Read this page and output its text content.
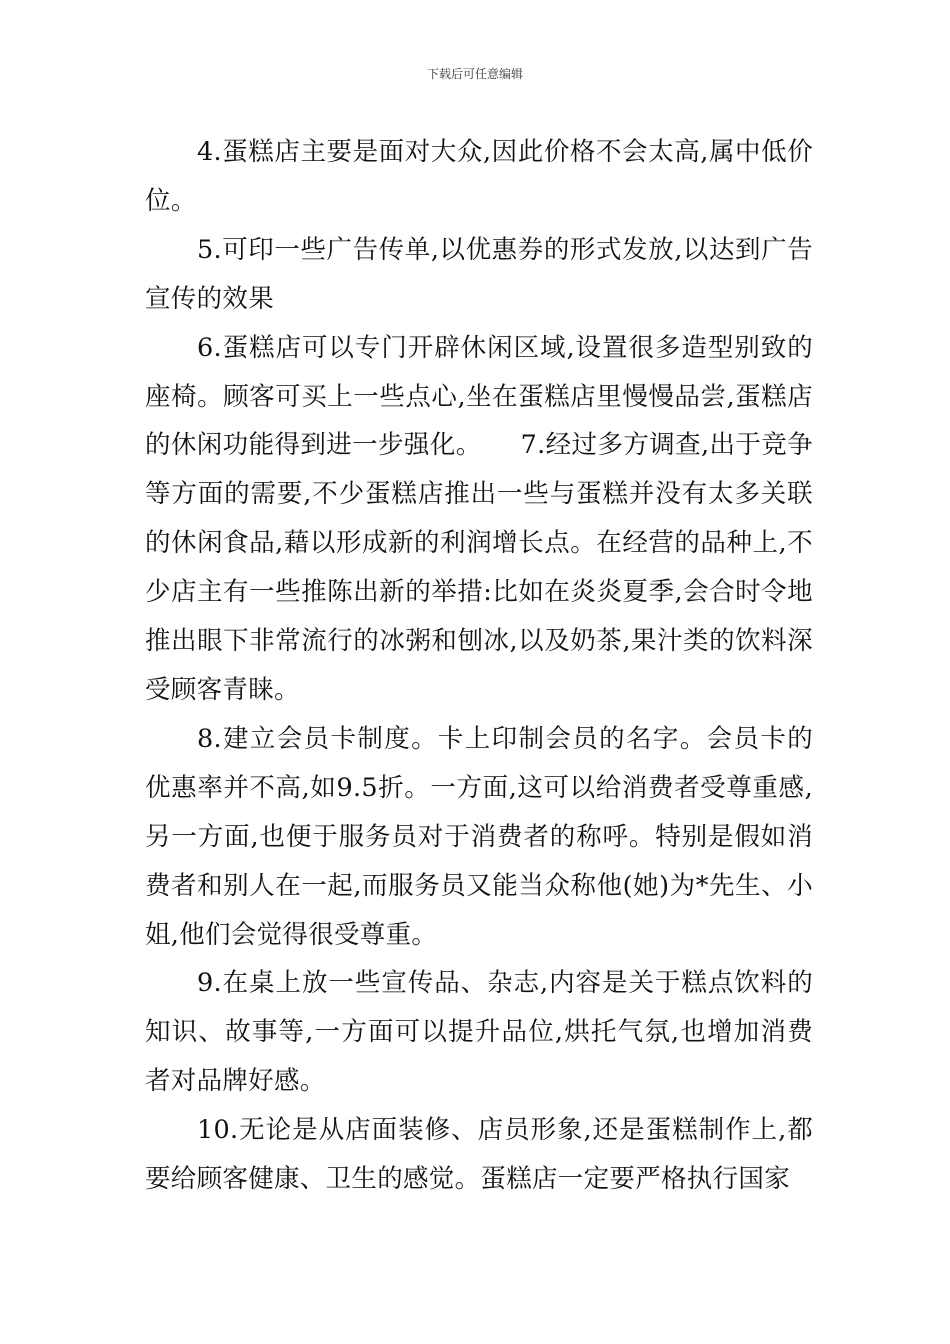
下载后可任意编辑

4.蛋糕店主要是面对大众,因此价格不会太高,属中低价位。

5.可印一些广告传单,以优惠券的形式发放,以达到广告宣传的效果

6.蛋糕店可以专门开辟休闲区域,设置很多造型别致的座椅。顾客可买上一些点心,坐在蛋糕店里慢慢品尝,蛋糕店的休闲功能得到进一步强化。　　7.经过多方调查,出于竞争等方面的需要,不少蛋糕店推出一些与蛋糕并没有太多关联的休闲食品,藉以形成新的利润增长点。在经营的品种上,不少店主有一些推陈出新的举措:比如在炎炎夏季,会合时令地推出眼下非常流行的冰粥和刨冰,以及奶茶,果汁类的饮料深受顾客青睐。

8.建立会员卡制度。卡上印制会员的名字。会员卡的优惠率并不高,如9.5折。一方面,这可以给消费者受尊重感,另一方面,也便于服务员对于消费者的称呼。特别是假如消费者和别人在一起,而服务员又能当众称他(她)为*先生、小姐,他们会觉得很受尊重。

9.在桌上放一些宣传品、杂志,内容是关于糕点饮料的知识、故事等,一方面可以提升品位,烘托气氛,也增加消费者对品牌好感。

10.无论是从店面装修、店员形象,还是蛋糕制作上,都要给顾客健康、卫生的感觉。蛋糕店一定要严格执行国家
